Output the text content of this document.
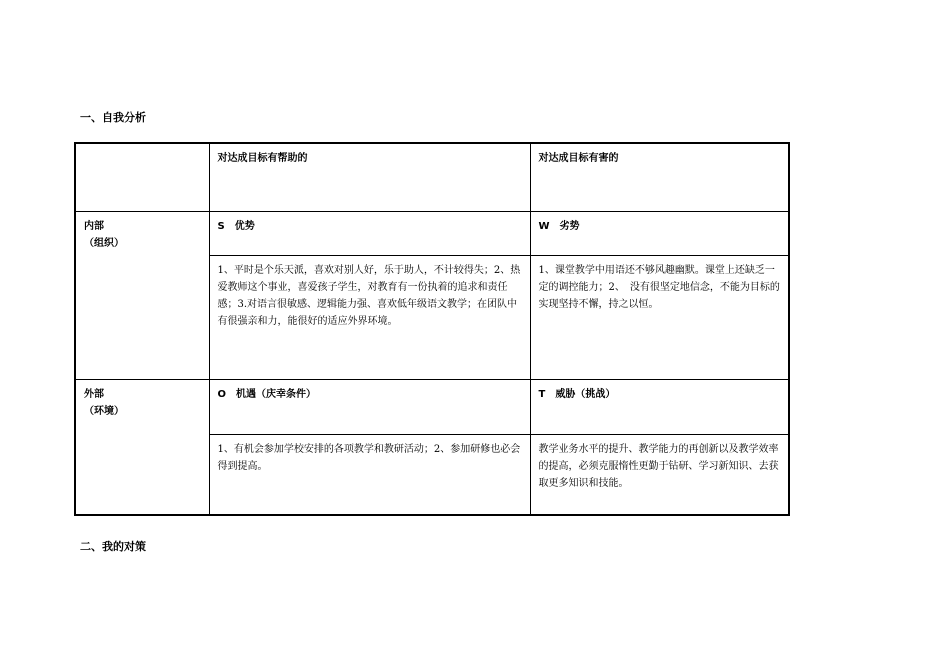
一、自我分析
	对达成目标有帮助的	对达成目标有害的

内部
（组织）	S　优势	W　劣势
	1、平时是个乐天派，喜欢对别人好，乐于助人，不计较得失；2、热爱教师这个事业，喜爱孩子学生，对教育有一份执着的追求和责任感；3.对语言很敏感、逻辑能力强、喜欢低年级语文教学；在团队中有很强亲和力，能很好的适应外界环境。	1、课堂教学中用语还不够风趣幽默。课堂上还缺乏一定的调控能力；2、　没有很坚定地信念，不能为目标的实现坚持不懈，持之以恒。

外部
（环境）	O　机遇（庆幸条件）	T　威胁（挑战）
	1、有机会参加学校安排的各项教学和教研活动；2、参加研修也必会得到提高。	教学业务水平的提升、教学能力的再创新以及教学效率的提高，必须克服惰性更勤于钻研、学习新知识、去获取更多知识和技能。
二、我的对策
